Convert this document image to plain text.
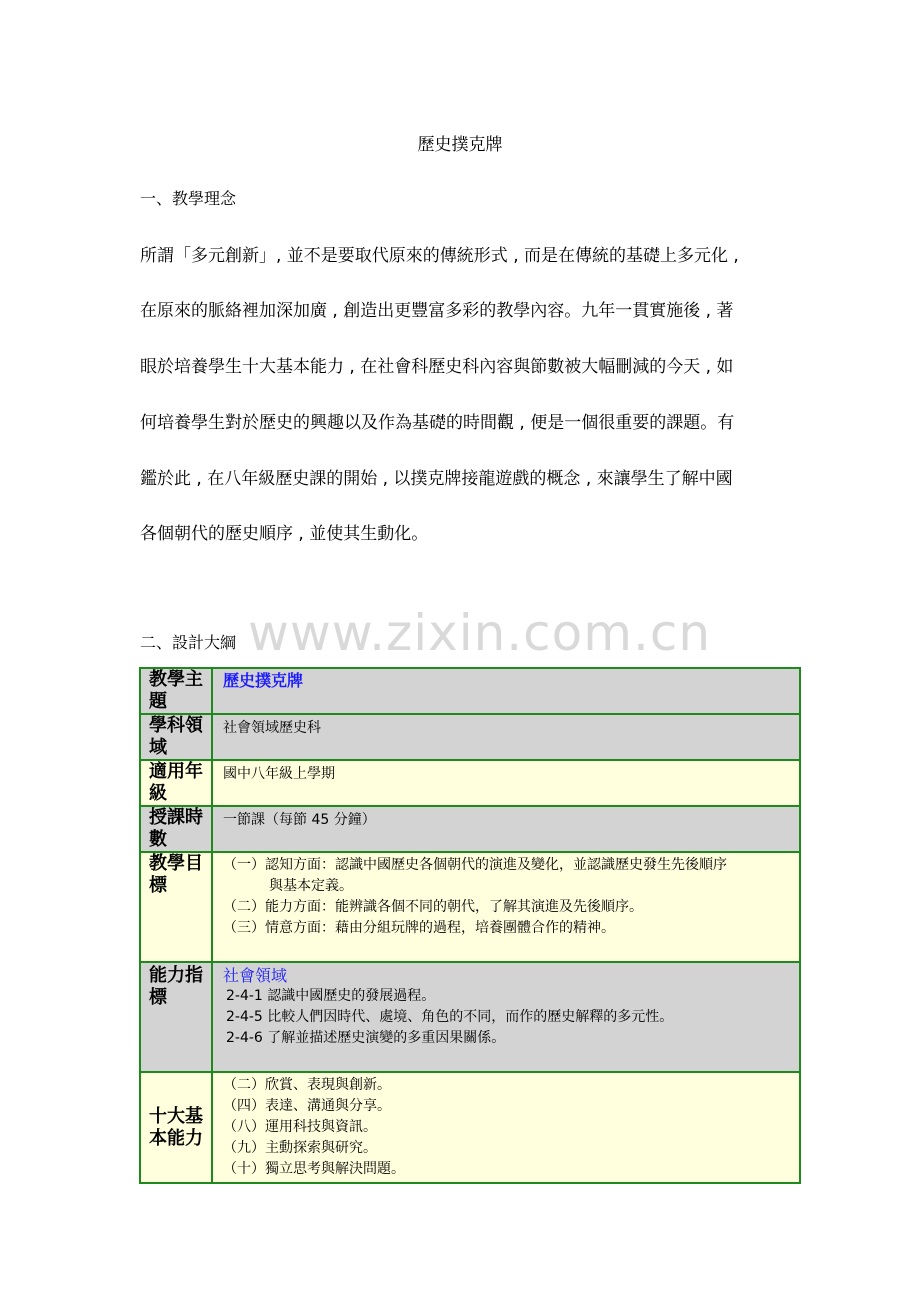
歷史撲克牌
一、教學理念
所謂「多元創新」, 並不是要取代原來的傳統形式 , 而是在傳統的基礎上多元化 ,
在原來的脈絡裡加深加廣 , 創造出更豐富多彩的教學內容。九年一貫實施後 , 著
眼於培養學生十大基本能力 , 在社會科歷史科內容與節數被大幅刪減的今天 , 如
何培養學生對於歷史的興趣以及作為基礎的時間觀 , 便是一個很重要的課題。有
鑑於此 , 在八年級歷史課的開始 , 以撲克牌接龍遊戲的概念 , 來讓學生了解中國
各個朝代的歷史順序 , 並使其生動化。
www.zixin.com.cn
二、設計大綱
教學主題	歷史撲克牌
學科領域	社會領域歷史科
適用年級	國中八年級上學期
授課時數	一節課（每節 45 分鐘）
教學目標	（一）認知方面：認識中國歷史各個朝代的演進及變化，並認識歷史發生先後順序
與基本定義。
（二）能力方面：能辨識各個不同的朝代，了解其演進及先後順序。
（三）情意方面：藉由分組玩牌的過程，培養團體合作的精神。

能力指標	社會領域
2-4-1 認識中國歷史的發展過程。
2-4-5 比較人們因時代、處境、角色的不同，而作的歷史解釋的多元性。
2-4-6 了解並描述歷史演變的多重因果關係。

十大基本能力	（二）欣賞、表現與創新。
（四）表達、溝通與分享。
（八）運用科技與資訊。
（九）主動探索與研究。
（十）獨立思考與解決問題。
